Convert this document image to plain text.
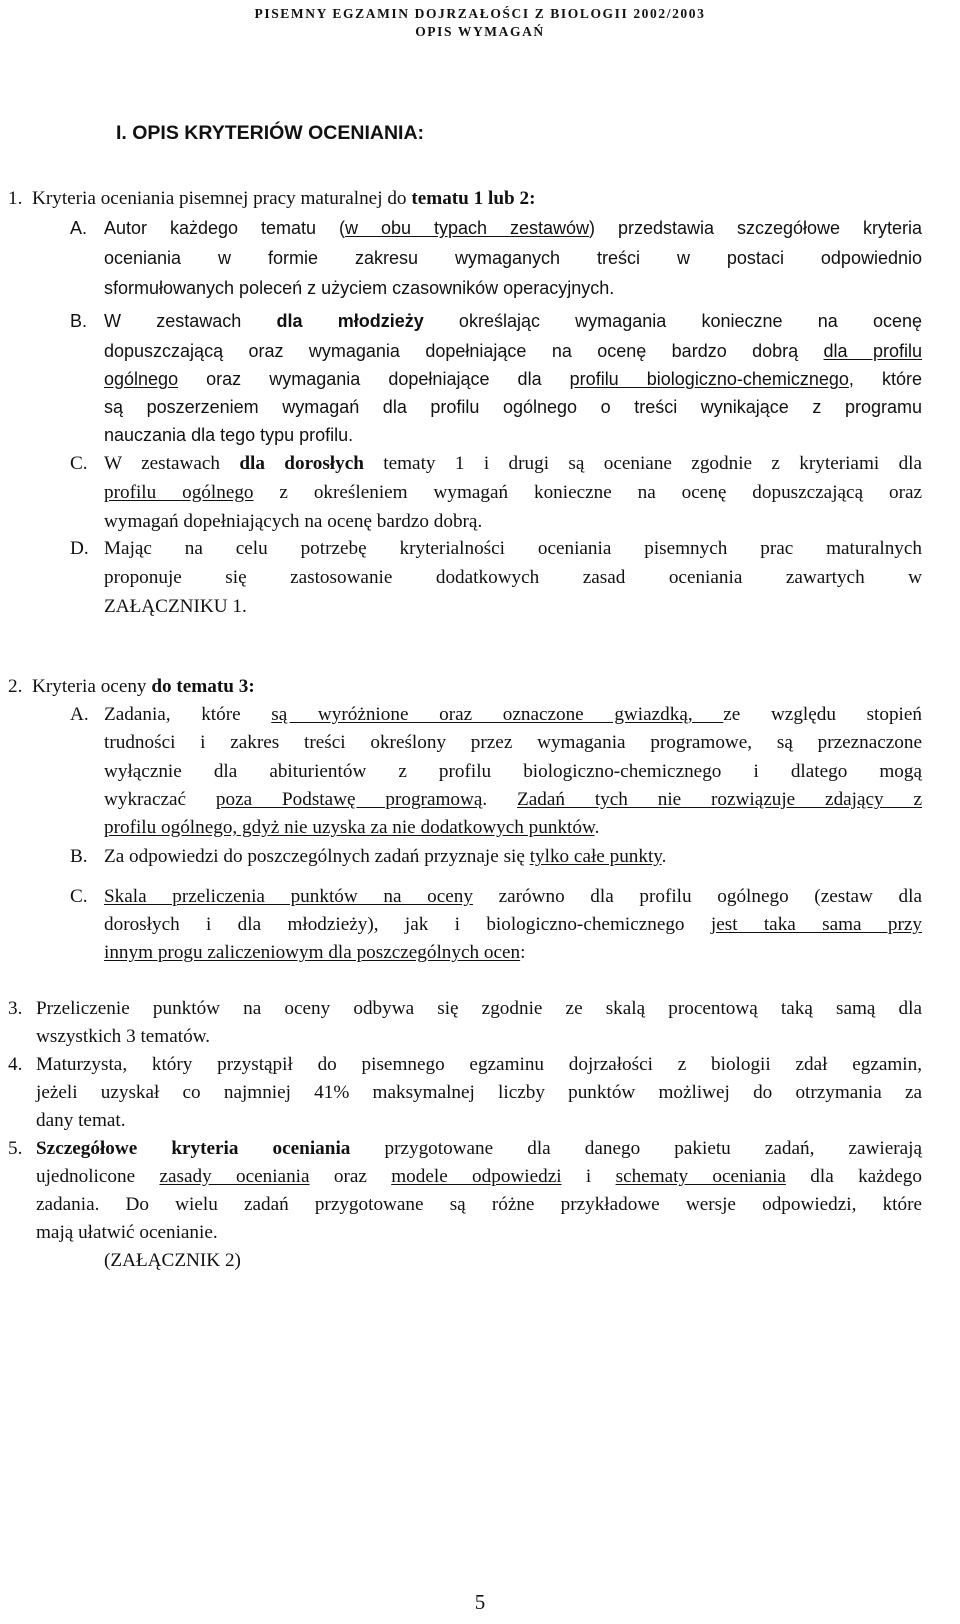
PISEMNY EGZAMIN DOJRZAŁOŚCI Z BIOLOGII 2002/2003
OPIS WYMAGAŃ
I. OPIS KRYTERIÓW OCENIANIA:
1. Kryteria oceniania pisemnej pracy maturalnej do tematu 1 lub 2:
A. Autor każdego tematu (w obu typach zestawów) przedstawia szczegółowe kryteria
oceniania w formie zakresu wymaganych treści w postaci odpowiednio
sformułowanych poleceń z użyciem czasowników operacyjnych.
B. W zestawach dla młodzieży określając wymagania konieczne na ocenę
dopuszczającą oraz wymagania dopełniające na ocenę bardzo dobrą dla profilu
ogólnego oraz wymagania dopełniające dla profilu biologiczno-chemicznego, które
są poszerzeniem wymagań dla profilu ogólnego o treści wynikające z programu
nauczania dla tego typu profilu.
C. W zestawach dla dorosłych tematy 1 i drugi są oceniane zgodnie z kryteriami dla
profilu ogólnego z określeniem wymagań konieczne na ocenę dopuszczającą oraz
wymagań dopełniających na ocenę bardzo dobrą.
D. Mając na celu potrzebę kryterialności oceniania pisemnych prac maturalnych
proponuje się zastosowanie dodatkowych zasad oceniania zawartych w
ZAŁĄCZNIKU 1.
2. Kryteria oceny do tematu 3:
A. Zadania, które są wyróżnione oraz oznaczone gwiazdką, ze względu stopień
trudności i zakres treści określony przez wymagania programowe, są przeznaczone
wyłącznie dla abiturientów z profilu biologiczno-chemicznego i dlatego mogą
wykraczać poza Podstawę programową. Zadań tych nie rozwiązuje zdający z
profilu ogólnego, gdyż nie uzyska za nie dodatkowych punktów.
B. Za odpowiedzi do poszczególnych zadań przyznaje się tylko całe punkty.
C. Skala przeliczenia punktów na oceny zarówno dla profilu ogólnego (zestaw dla
dorosłych i dla młodzieży), jak i biologiczno-chemicznego jest taka sama przy
innym progu zaliczeniowym dla poszczególnych ocen:
3. Przeliczenie punktów na oceny odbywa się zgodnie ze skalą procentową taką samą dla
wszystkich 3 tematów.
4. Maturzysta, który przystąpił do pisemnego egzaminu dojrzałości z biologii zdał egzamin,
jeżeli uzyskał co najmniej 41% maksymalnej liczby punktów możliwej do otrzymania za
dany temat.
5. Szczegółowe kryteria oceniania przygotowane dla danego pakietu zadań, zawierają
ujednolicone zasady oceniania oraz modele odpowiedzi i schematy oceniania dla każdego
zadania. Do wielu zadań przygotowane są różne przykładowe wersje odpowiedzi, które
mają ułatwić ocenianie.
(ZAŁĄCZNIK 2)
5
